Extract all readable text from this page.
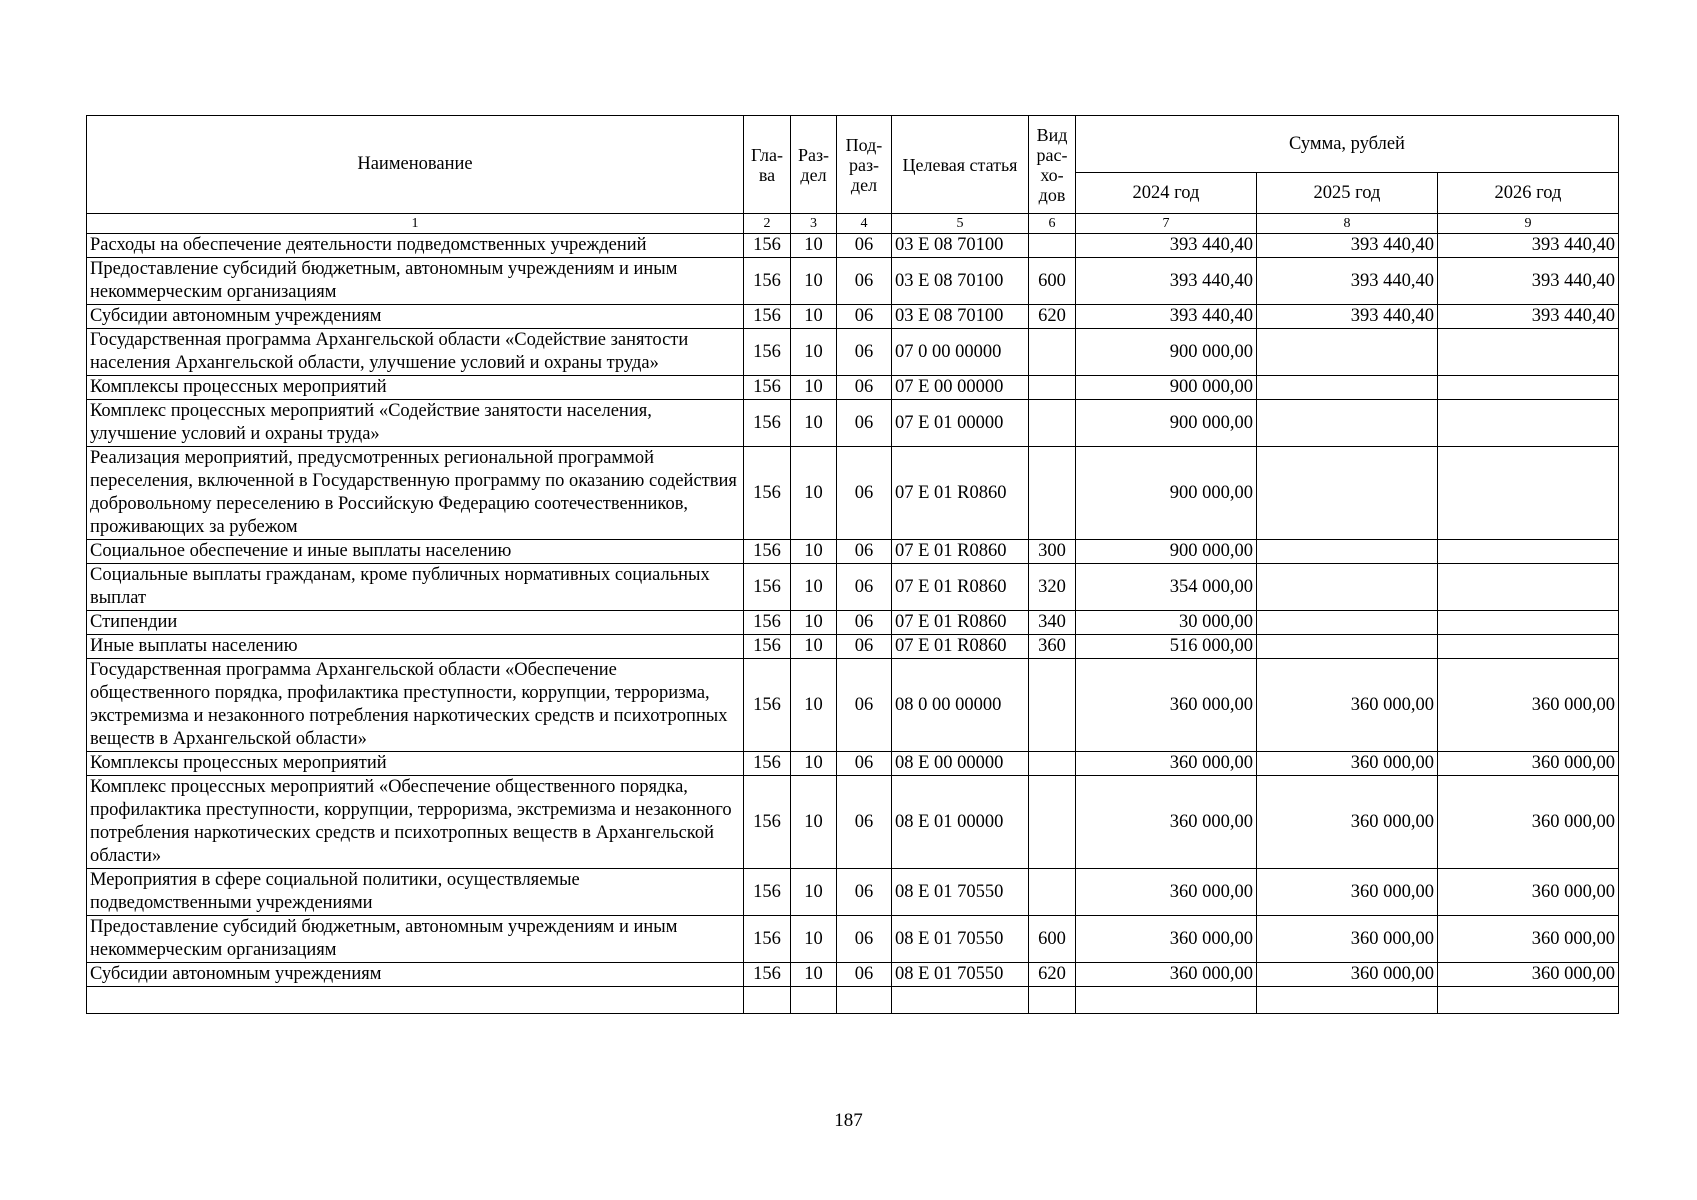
Наименование	Гла-ва	Раз-дел	Под-раз-дел	Целевая статья	Вид рас-хо-дов	Сумма, рублей		
						2024 год	2025 год	2026 год
1	2	3	4	5	6	7	8	9
Расходы на обеспечение деятельности подведомственных учреждений	156	10	06	03 Е 08 70100		393 440,40	393 440,40	393 440,40
Предоставление субсидий бюджетным, автономным учреждениям и иным некоммерческим организациям	156	10	06	03 Е 08 70100	600	393 440,40	393 440,40	393 440,40
Субсидии автономным учреждениям	156	10	06	03 Е 08 70100	620	393 440,40	393 440,40	393 440,40
Государственная программа Архангельской области «Содействие занятости населения Архангельской области, улучшение условий и охраны труда»	156	10	06	07 0 00 00000		900 000,00		
Комплексы процессных мероприятий	156	10	06	07 Е 00 00000		900 000,00		
Комплекс процессных мероприятий «Содействие занятости населения, улучшение условий и охраны труда»	156	10	06	07 Е 01 00000		900 000,00		
Реализация мероприятий, предусмотренных региональной программой переселения, включенной в Государственную программу по оказанию содействия добровольному переселению в Российскую Федерацию соотечественников, проживающих за рубежом	156	10	06	07 Е 01 R0860		900 000,00		
Социальное обеспечение и иные выплаты населению	156	10	06	07 Е 01 R0860	300	900 000,00		
Социальные выплаты гражданам, кроме публичных нормативных социальных выплат	156	10	06	07 Е 01 R0860	320	354 000,00		
Стипендии	156	10	06	07 Е 01 R0860	340	30 000,00		
Иные выплаты населению	156	10	06	07 Е 01 R0860	360	516 000,00		
Государственная программа Архангельской области «Обеспечение общественного порядка, профилактика преступности, коррупции, терроризма, экстремизма и незаконного потребления наркотических средств и психотропных веществ в Архангельской области»	156	10	06	08 0 00 00000		360 000,00	360 000,00	360 000,00
Комплексы процессных мероприятий	156	10	06	08 Е 00 00000		360 000,00	360 000,00	360 000,00
Комплекс процессных мероприятий «Обеспечение общественного порядка, профилактика преступности, коррупции, терроризма, экстремизма и незаконного потребления наркотических средств и психотропных веществ в Архангельской области»	156	10	06	08 Е 01 00000		360 000,00	360 000,00	360 000,00
Мероприятия в сфере социальной политики, осуществляемые подведомственными учреждениями	156	10	06	08 Е 01 70550		360 000,00	360 000,00	360 000,00
Предоставление субсидий бюджетным, автономным учреждениям и иным некоммерческим организациям	156	10	06	08 Е 01 70550	600	360 000,00	360 000,00	360 000,00
Субсидии автономным учреждениям	156	10	06	08 Е 01 70550	620	360 000,00	360 000,00	360 000,00

187
